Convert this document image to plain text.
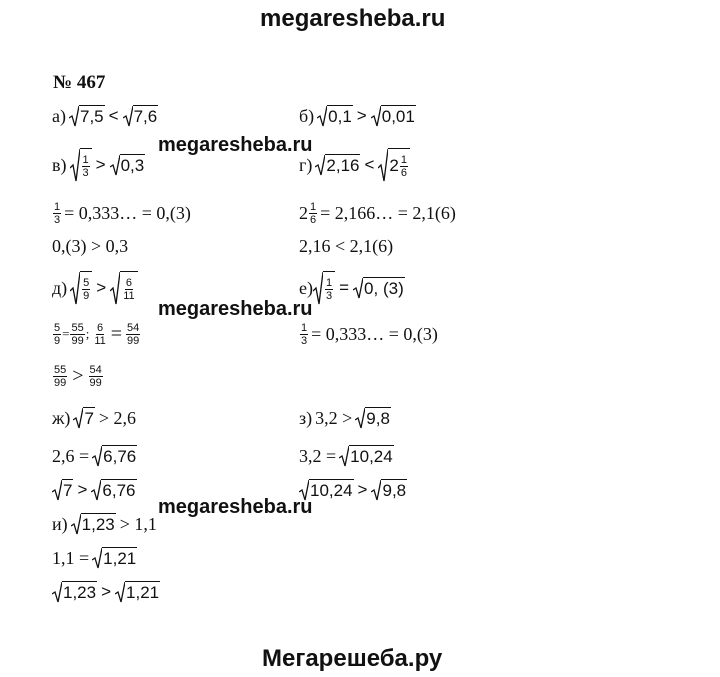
megaresheba.ru
Мегарешеба.ру
№ 467
а) 7,5 < 7,6	б) 0,1 > 0,01
$в) \frac{1}{3} > 0,3$	г) $2,16 < 2 \frac{1}{6}$
$\frac{1}{3}$ = 0,333… = 0,(3)	$2 \frac{1}{6}$ = 2,166… = 2,1(6)
0,(3) > 0,3	2,16 < 2,1(6)
$д) \frac{5}{9} > \frac{6}{11}$	$е) \frac{1}{3} = 0$, (3)
$\frac{5}{9} = \frac{55}{99}$ ; $\frac{6}{11} = \frac{54}{99}$	$\frac{1}{3}$ = 0,333… = 0,(3)
$\frac{55}{99} > \frac{54}{99}$
ж) 7 > 2,6	з) 3,2 > 9,8
2,6 = 6,76	3,2 = 10,24
7 > 6,76	10,24 > 9,8
и) 1,23 > 1,1
1,1 = 1,21
1,23 > 1,21
megaresheba.ru
megaresheba.ru
megaresheba.ru
